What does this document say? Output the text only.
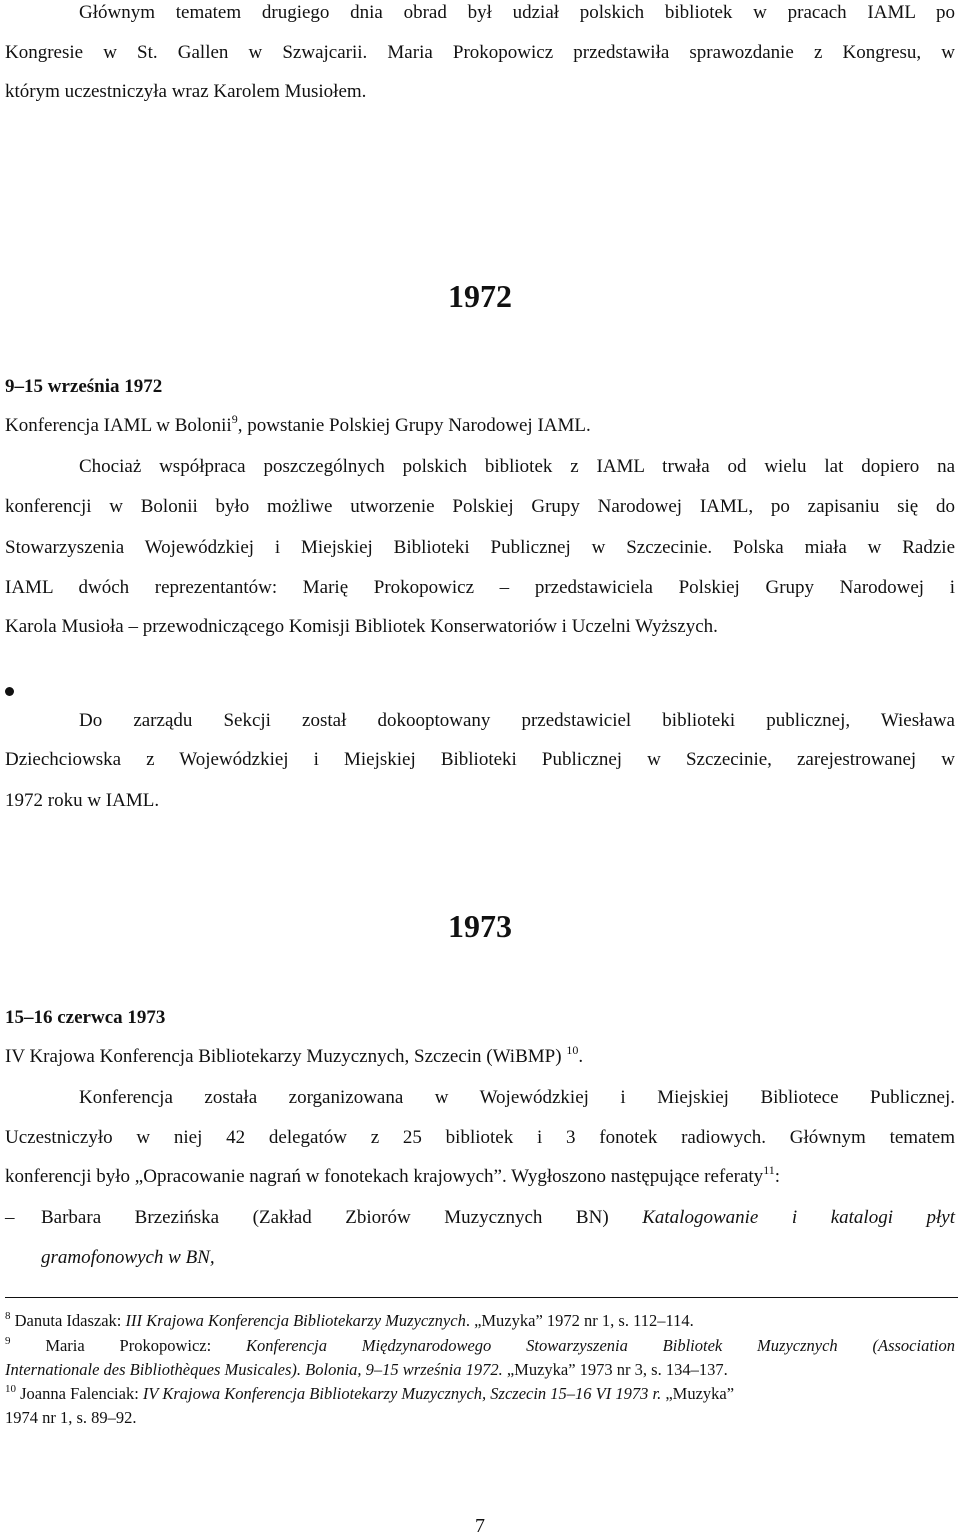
Głównym tematem drugiego dnia obrad był udział polskich bibliotek w pracach IAML po
Kongresie w St. Gallen w Szwajcarii. Maria Prokopowicz przedstawiła sprawozdanie z Kongresu, w
którym uczestniczyła wraz Karolem Musiołem.
1972
9–15 września 1972
Konferencja IAML w Bolonii$^9$, powstanie Polskiej Grupy Narodowej IAML.
Chociaż współpraca poszczególnych polskich bibliotek z IAML trwała od wielu lat dopiero na
konferencji w Bolonii było możliwe utworzenie Polskiej Grupy Narodowej IAML, po zapisaniu się do
Stowarzyszenia Wojewódzkiej i Miejskiej Biblioteki Publicznej w Szczecinie. Polska miała w Radzie
IAML dwóch reprezentantów: Marię Prokopowicz – przedstawiciela Polskiej Grupy Narodowej i
Karola Musioła – przewodniczącego Komisji Bibliotek Konserwatoriów i Uczelni Wyższych.
Do zarządu Sekcji został dokooptowany przedstawiciel biblioteki publicznej, Wiesława
Dziechciowska z Wojewódzkiej i Miejskiej Biblioteki Publicznej w Szczecinie, zarejestrowanej w
1972 roku w IAML.
1973
15–16 czerwca 1973
IV Krajowa Konferencja Bibliotekarzy Muzycznych, Szczecin (WiBMP) $^{10}$.
Konferencja została zorganizowana w Wojewódzkiej i Miejskiej Bibliotece Publicznej.
Uczestniczyło w niej 42 delegatów z 25 bibliotek i 3 fonotek radiowych. Głównym tematem
konferencji było „Opracowanie nagrań w fonotekach krajowych”. Wygłoszono następujące referaty$^{11}$:
–	Barbara Brzezińska (Zakład Zbiorów Muzycznych BN) Katalogowanie i katalogi płyt
gramofonowych w BN,
$^8$ Danuta Idaszak: III Krajowa Konferencja Bibliotekarzy Muzycznych. „Muzyka” 1972 nr 1, s. 112–114.
$^9$ Maria Prokopowicz: Konferencja Międzynarodowego Stowarzyszenia Bibliotek Muzycznych (Association
Internationale des Bibliothèques Musicales). Bolonia, 9–15 września 1972. „Muzyka” 1973 nr 3, s. 134–137.
$^{10}$ Joanna Falenciak: IV Krajowa Konferencja Bibliotekarzy Muzycznych, Szczecin 15–16 VI 1973 r. „Muzyka”
1974 nr 1, s. 89–92.
7
